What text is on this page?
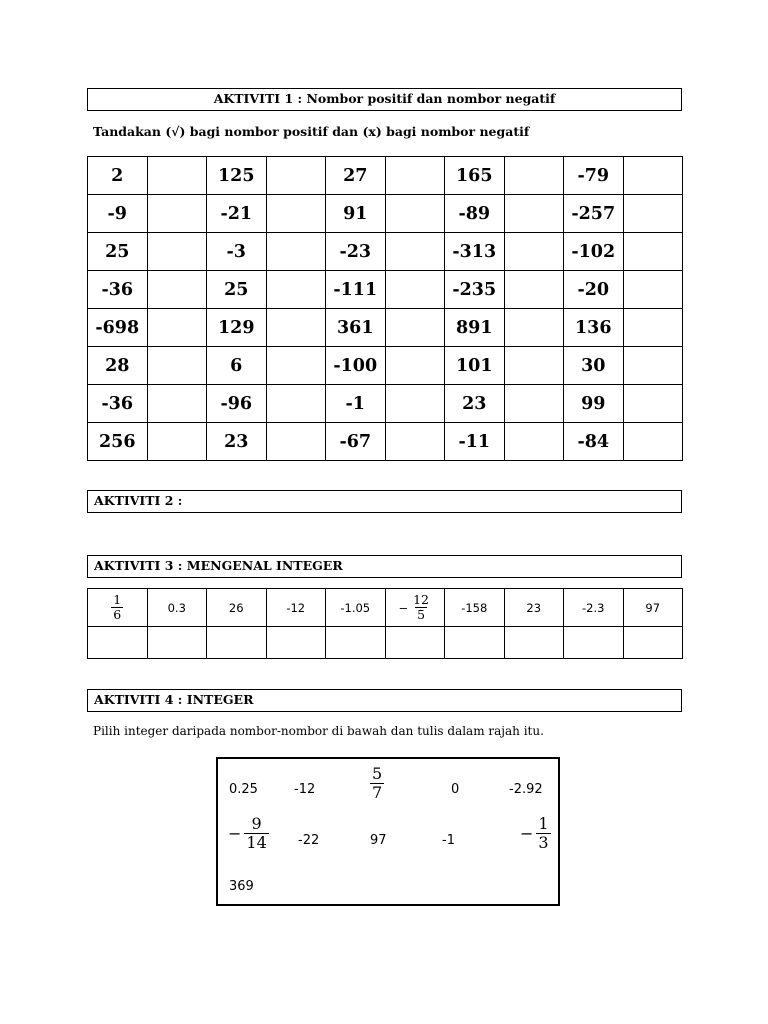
AKTIVITI 1 : Nombor positif dan nombor negatif
Tandakan (√) bagi nombor positif dan (x) bagi nombor negatif
2		125		27		165		-79	
-9		-21		91		-89		-257	
25		-3		-23		-313		-102	
-36		25		-111		-235		-20	
-698		129		361		891		136	
28		6		-100		101		30	
-36		-96		-1		23		99	
256		23		-67		-11		-84	
AKTIVITI 2 :
AKTIVITI 3 : MENGENAL INTEGER
$\frac{1}{6}$	0.3	26	-12	-1.05	− $\frac{12}{5}$	-158	23	-2.3	97

AKTIVITI 4 : INTEGER
Pilih integer daripada nombor-nombor di bawah dan tulis dalam rajah itu.
0.25	-12	$\frac{5}{7}$	0	-2.92
− $\frac{9}{14} -22$	97	-1	− $\frac{1}{3}$
369
